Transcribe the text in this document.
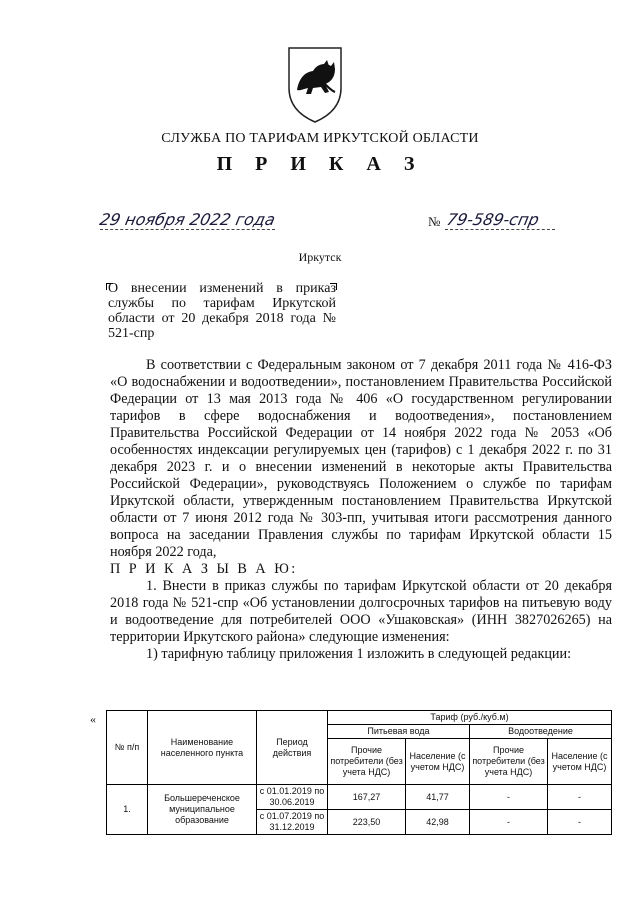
СЛУЖБА ПО ТАРИФАМ ИРКУТСКОЙ ОБЛАСТИ
П Р И К А З
29 ноября 2022 года	№ 79-589-спр
Иркутск
О внесении изменений в приказ службы по тарифам Иркутской области от 20 декабря 2018 года № 521-спр

В соответствии с Федеральным законом от 7 декабря 2011 года № 416-ФЗ «О водоснабжении и водоотведении», постановлением Правительства Российской Федерации от 13 мая 2013 года № 406 «О государственном регулировании тарифов в сфере водоснабжения и водоотведения», постановлением Правительства Российской Федерации от 14 ноября 2022 года № 2053 «Об особенностях индексации регулируемых цен (тарифов) с 1 декабря 2022 г. по 31 декабря 2023 г. и о внесении изменений в некоторые акты Правительства Российской Федерации», руководствуясь Положением о службе по тарифам Иркутской области, утвержденным постановлением Правительства Иркутской области от 7 июня 2012 года № 303-пп, учитывая итоги рассмотрения данного вопроса на заседании Правления службы по тарифам Иркутской области 15 ноября 2022 года,

П Р И К А З Ы В А Ю:

1. Внести в приказ службы по тарифам Иркутской области от 20 декабря 2018 года № 521-спр «Об установлении долгосрочных тарифов на питьевую воду и водоотведение для потребителей ООО «Ушаковская» (ИНН 3827026265) на территории Иркутского района» следующие изменения:

1) тарифную таблицу приложения 1 изложить в следующей редакции:

«
№ п/п	Наименование населенного пункта	Период действия	Тариф (руб./куб.м)			
			Питьевая вода		Водоотведение	
			Прочие потребители (без учета НДС)	Население (с учетом НДС)	Прочие потребители (без учета НДС)	Население (с учетом НДС)
1.	Большереченское муниципальное образование	с 01.01.2019 по 30.06.2019	167,27	41,77	-	-
		с 01.07.2019 по 31.12.2019	223,50	42,98	-	-
